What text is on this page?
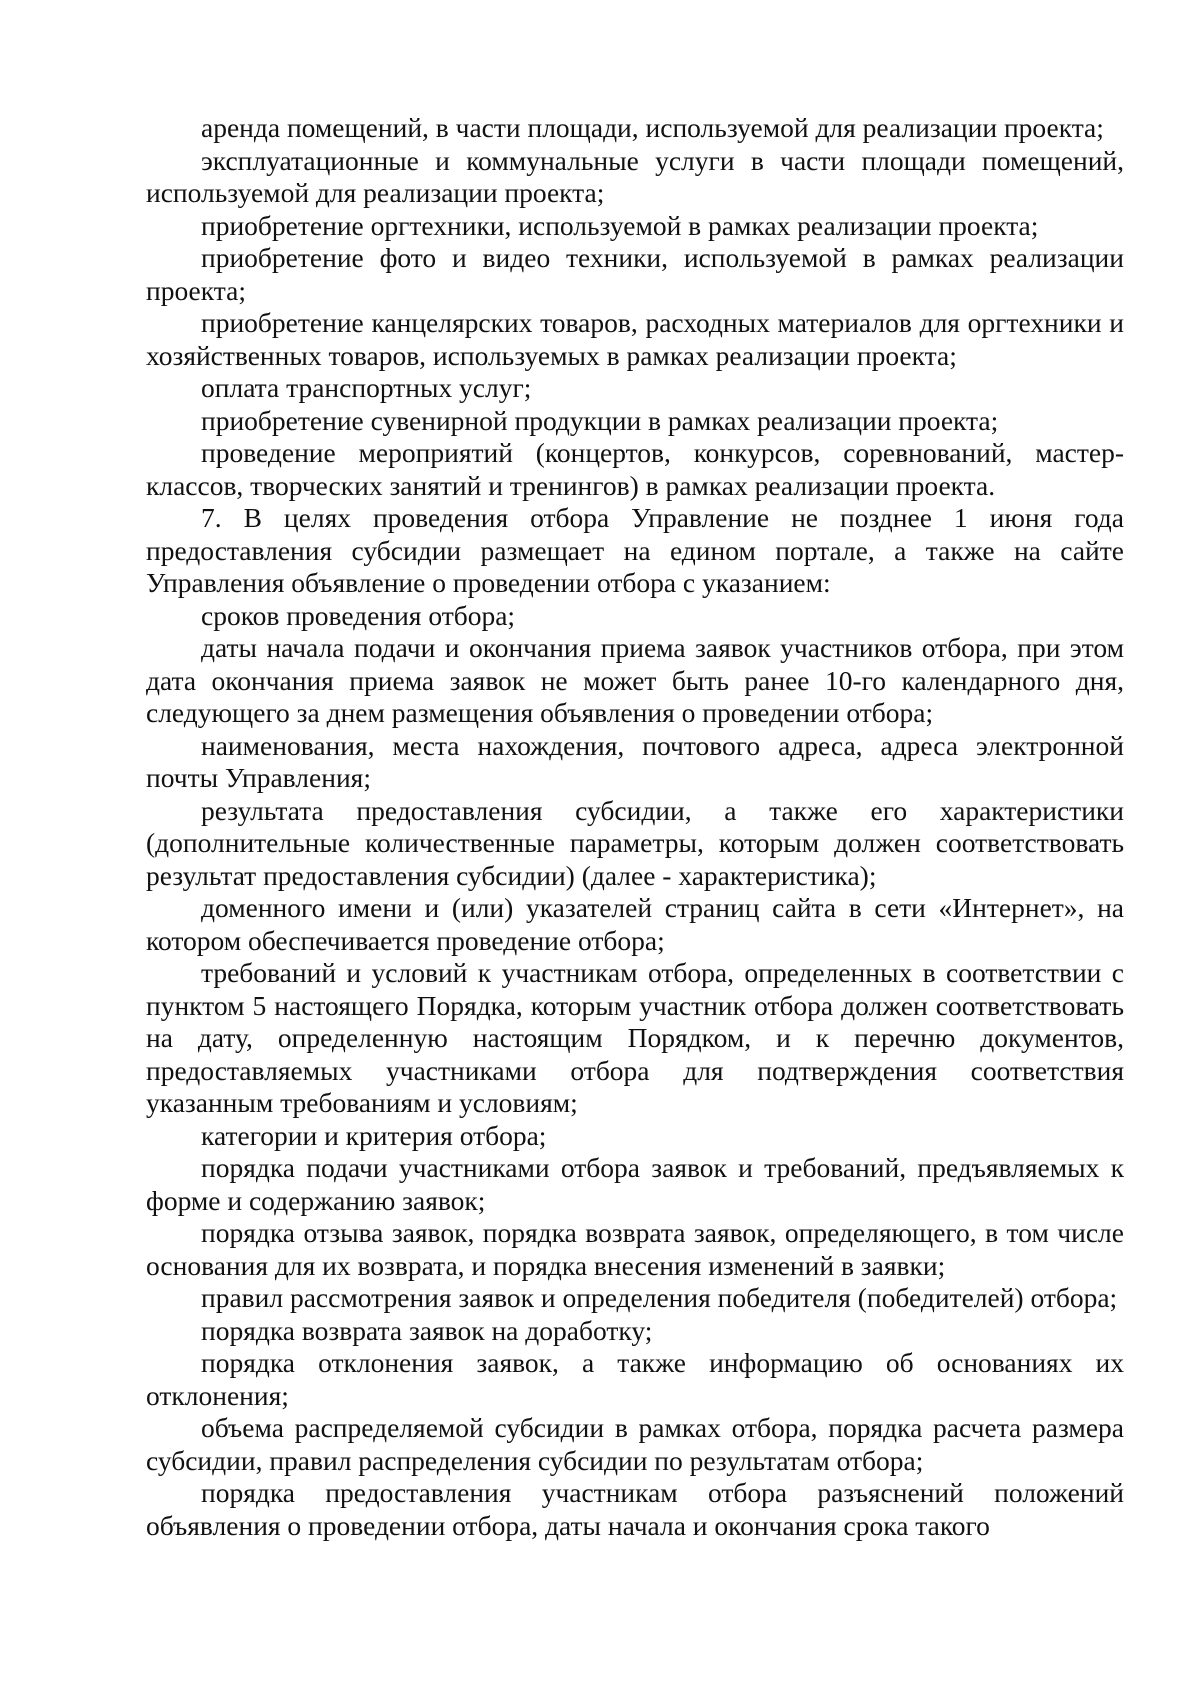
аренда помещений, в части площади, используемой для реализации проекта;

эксплуатационные и коммунальные услуги в части площади помещений, используемой для реализации проекта;

приобретение оргтехники, используемой в рамках реализации проекта;

приобретение фото и видео техники, используемой в рамках реализации проекта;

приобретение канцелярских товаров, расходных материалов для оргтехники и хозяйственных товаров, используемых в рамках реализации проекта;

оплата транспортных услуг;

приобретение сувенирной продукции в рамках реализации проекта;

проведение мероприятий (концертов, конкурсов, соревнований, мастер-классов, творческих занятий и тренингов) в рамках реализации проекта.

7. В целях проведения отбора Управление не позднее 1 июня года предоставления субсидии размещает на едином портале, а также на сайте Управления объявление о проведении отбора с указанием:

сроков проведения отбора;

даты начала подачи и окончания приема заявок участников отбора, при этом дата окончания приема заявок не может быть ранее 10-го календарного дня, следующего за днем размещения объявления о проведении отбора;

наименования, места нахождения, почтового адреса, адреса электронной почты Управления;

результата предоставления субсидии, а также его характеристики (дополнительные количественные параметры, которым должен соответствовать результат предоставления субсидии) (далее - характеристика);

доменного имени и (или) указателей страниц сайта в сети «Интернет», на котором обеспечивается проведение отбора;

требований и условий к участникам отбора, определенных в соответствии с пунктом 5 настоящего Порядка, которым участник отбора должен соответствовать на дату, определенную настоящим Порядком, и к перечню документов, предоставляемых участниками отбора для подтверждения соответствия указанным требованиям и условиям;

категории и критерия отбора;

порядка подачи участниками отбора заявок и требований, предъявляемых к форме и содержанию заявок;

порядка отзыва заявок, порядка возврата заявок, определяющего, в том числе основания для их возврата, и порядка внесения изменений в заявки;

правил рассмотрения заявок и определения победителя (победителей) отбора;

порядка возврата заявок на доработку;

порядка отклонения заявок, а также информацию об основаниях их отклонения;

объема распределяемой субсидии в рамках отбора, порядка расчета размера субсидии, правил распределения субсидии по результатам отбора;

порядка предоставления участникам отбора разъяснений положений объявления о проведении отбора, даты начала и окончания срока такого
